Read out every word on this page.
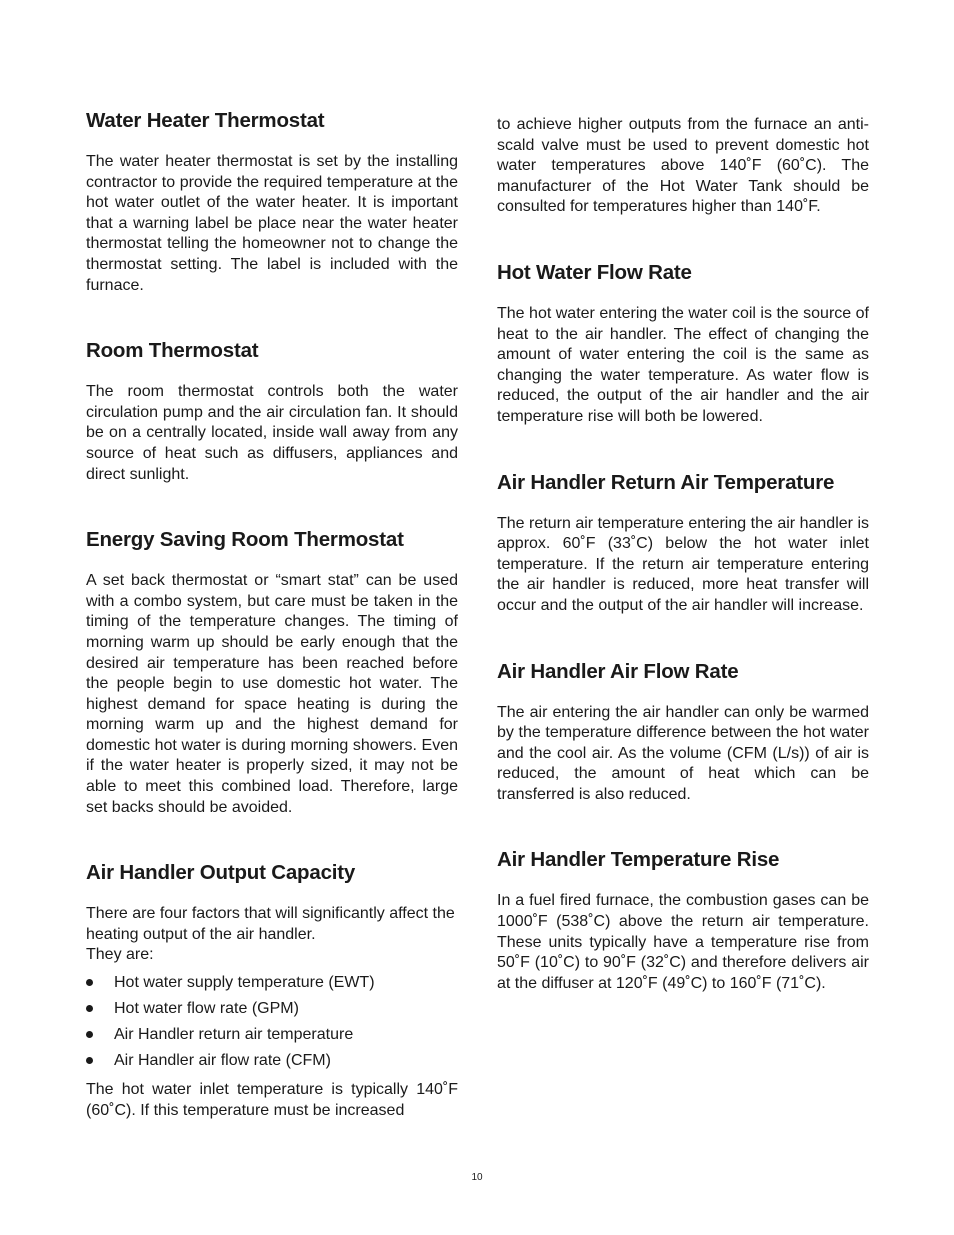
Water Heater Thermostat

The water heater thermostat is set by the installing contractor to provide the required temperature at the hot water outlet of the water heater. It is important that a warning label be place near the water heater thermostat telling the homeowner not to change the thermostat setting. The label is included with the furnace.

Room Thermostat

The room thermostat controls both the water circulation pump and the air circulation fan. It should be on a centrally located, inside wall away from any source of heat such as diffusers, appliances and direct sunlight.

Energy Saving Room Thermostat

A set back thermostat or “smart stat” can be used with a combo system, but care must be taken in the timing of the temperature changes. The timing of morning warm up should be early enough that the desired air temperature has been reached before the people begin to use domestic hot water. The highest demand for space heating is during the morning warm up and the highest demand for domestic hot water is during morning showers. Even if the water heater is properly sized, it may not be able to meet this combined load. Therefore, large set backs should be avoided.

Air Handler Output Capacity

There are four factors that will significantly affect the heating output of the air handler.

They are:

Hot water supply temperature (EWT)
Hot water flow rate (GPM)
Air Handler return air temperature
Air Handler air flow rate (CFM)

The hot water inlet temperature is typically 140˚F (60˚C). If this temperature must be increased

to achieve higher outputs from the furnace an anti-scald valve must be used to prevent domestic hot water temperatures above 140˚F (60˚C). The manufacturer of the Hot Water Tank should be consulted for temperatures higher than 140˚F.

Hot Water Flow Rate

The hot water entering the water coil is the source of heat to the air handler. The effect of changing the amount of water entering the coil is the same as changing the water temperature. As water flow is reduced, the output of the air handler and the air temperature rise will both be lowered.

Air Handler Return Air Temperature

The return air temperature entering the air handler is approx. 60˚F (33˚C) below the hot water inlet temperature. If the return air temperature entering the air handler is reduced, more heat transfer will occur and the output of the air handler will increase.

Air Handler Air Flow Rate

The air entering the air handler can only be warmed by the temperature difference between the hot water and the cool air. As the volume (CFM (L/s)) of air is reduced, the amount of heat which can be transferred is also reduced.

Air Handler Temperature Rise

In a fuel fired furnace, the combustion gases can be 1000˚F (538˚C) above the return air temperature. These units typically have a temperature rise from 50˚F (10˚C) to 90˚F (32˚C) and therefore delivers air at the diffuser at 120˚F (49˚C) to 160˚F (71˚C).

10
